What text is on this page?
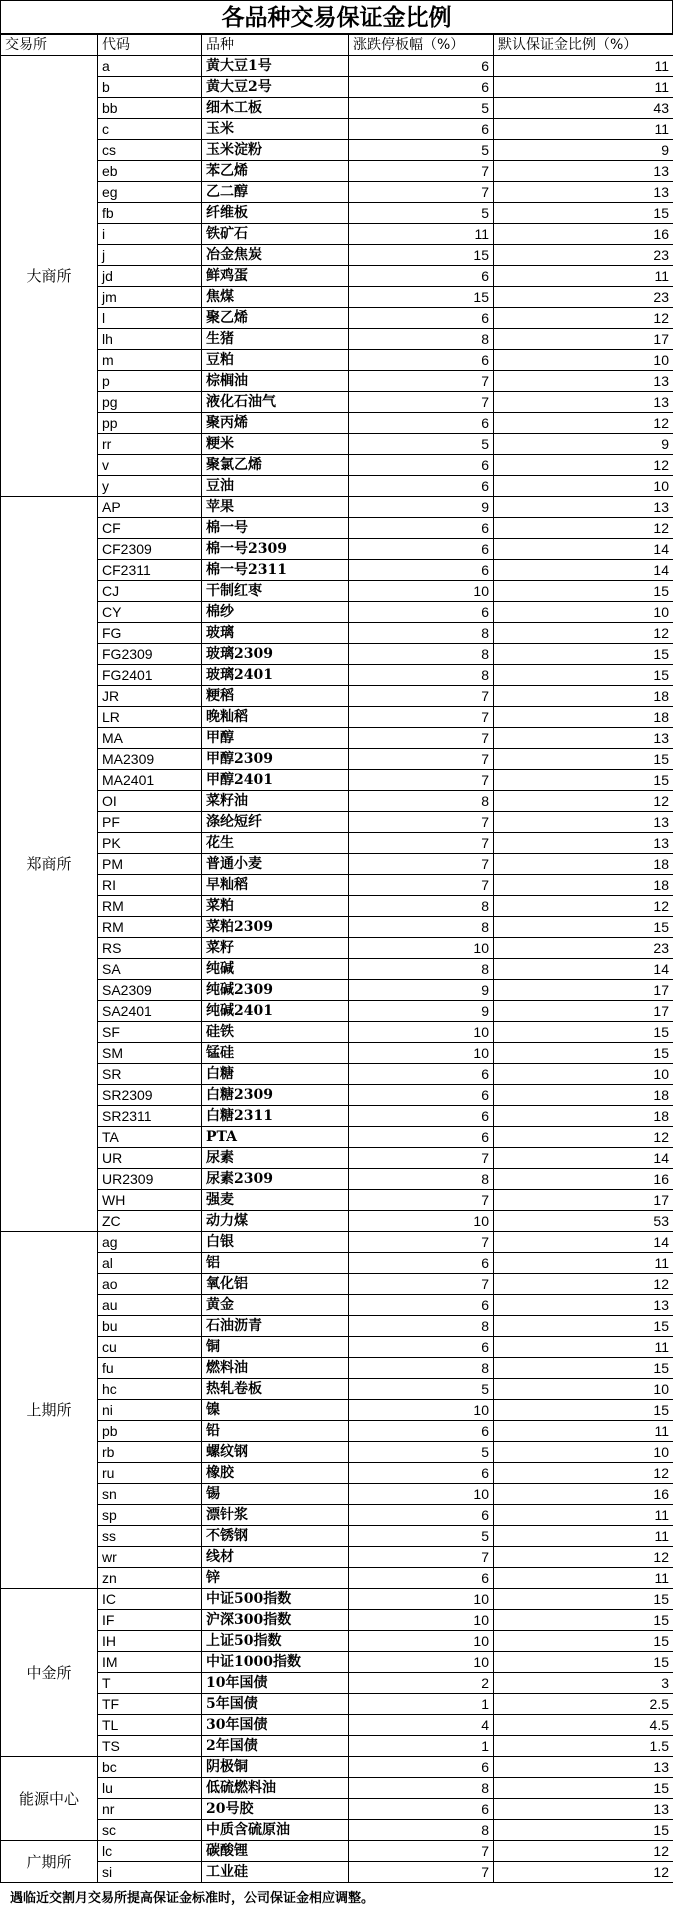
各品种交易保证金比例
交易所	代码	品种	涨跌停板幅（%）	默认保证金比例（%）
大商所	a	黄大豆1号	6	11
	b	黄大豆2号	6	11
	bb	细木工板	5	43
	c	玉米	6	11
	cs	玉米淀粉	5	9
	eb	苯乙烯	7	13
	eg	乙二醇	7	13
	fb	纤维板	5	15
	i	铁矿石	11	16
	j	冶金焦炭	15	23
	jd	鲜鸡蛋	6	11
	jm	焦煤	15	23
	l	聚乙烯	6	12
	lh	生猪	8	17
	m	豆粕	6	10
	p	棕榈油	7	13
	pg	液化石油气	7	13
	pp	聚丙烯	6	12
	rr	粳米	5	9
	v	聚氯乙烯	6	12
	y	豆油	6	10
郑商所	AP	苹果	9	13
	CF	棉一号	6	12
	CF2309	棉一号2309	6	14
	CF2311	棉一号2311	6	14
	CJ	干制红枣	10	15
	CY	棉纱	6	10
	FG	玻璃	8	12
	FG2309	玻璃2309	8	15
	FG2401	玻璃2401	8	15
	JR	粳稻	7	18
	LR	晚籼稻	7	18
	MA	甲醇	7	13
	MA2309	甲醇2309	7	15
	MA2401	甲醇2401	7	15
	OI	菜籽油	8	12
	PF	涤纶短纤	7	13
	PK	花生	7	13
	PM	普通小麦	7	18
	RI	早籼稻	7	18
	RM	菜粕	8	12
	RM	菜粕2309	8	15
	RS	菜籽	10	23
	SA	纯碱	8	14
	SA2309	纯碱2309	9	17
	SA2401	纯碱2401	9	17
	SF	硅铁	10	15
	SM	锰硅	10	15
	SR	白糖	6	10
	SR2309	白糖2309	6	18
	SR2311	白糖2311	6	18
	TA	PTA	6	12
	UR	尿素	7	14
	UR2309	尿素2309	8	16
	WH	强麦	7	17
	ZC	动力煤	10	53
上期所	ag	白银	7	14
	al	铝	6	11
	ao	氧化铝	7	12
	au	黄金	6	13
	bu	石油沥青	8	15
	cu	铜	6	11
	fu	燃料油	8	15
	hc	热轧卷板	5	10
	ni	镍	10	15
	pb	铅	6	11
	rb	螺纹钢	5	10
	ru	橡胶	6	12
	sn	锡	10	16
	sp	漂针浆	6	11
	ss	不锈钢	5	11
	wr	线材	7	12
	zn	锌	6	11
中金所	IC	中证500指数	10	15
	IF	沪深300指数	10	15
	IH	上证50指数	10	15
	IM	中证1000指数	10	15
	T	10年国债	2	3
	TF	5年国债	1	2.5
	TL	30年国债	4	4.5
	TS	2年国债	1	1.5
能源中心	bc	阴极铜	6	13
	lu	低硫燃料油	8	15
	nr	20号胶	6	13
	sc	中质含硫原油	8	15
广期所	lc	碳酸锂	7	12
	si	工业硅	7	12
遇临近交割月交易所提高保证金标准时，公司保证金相应调整。
